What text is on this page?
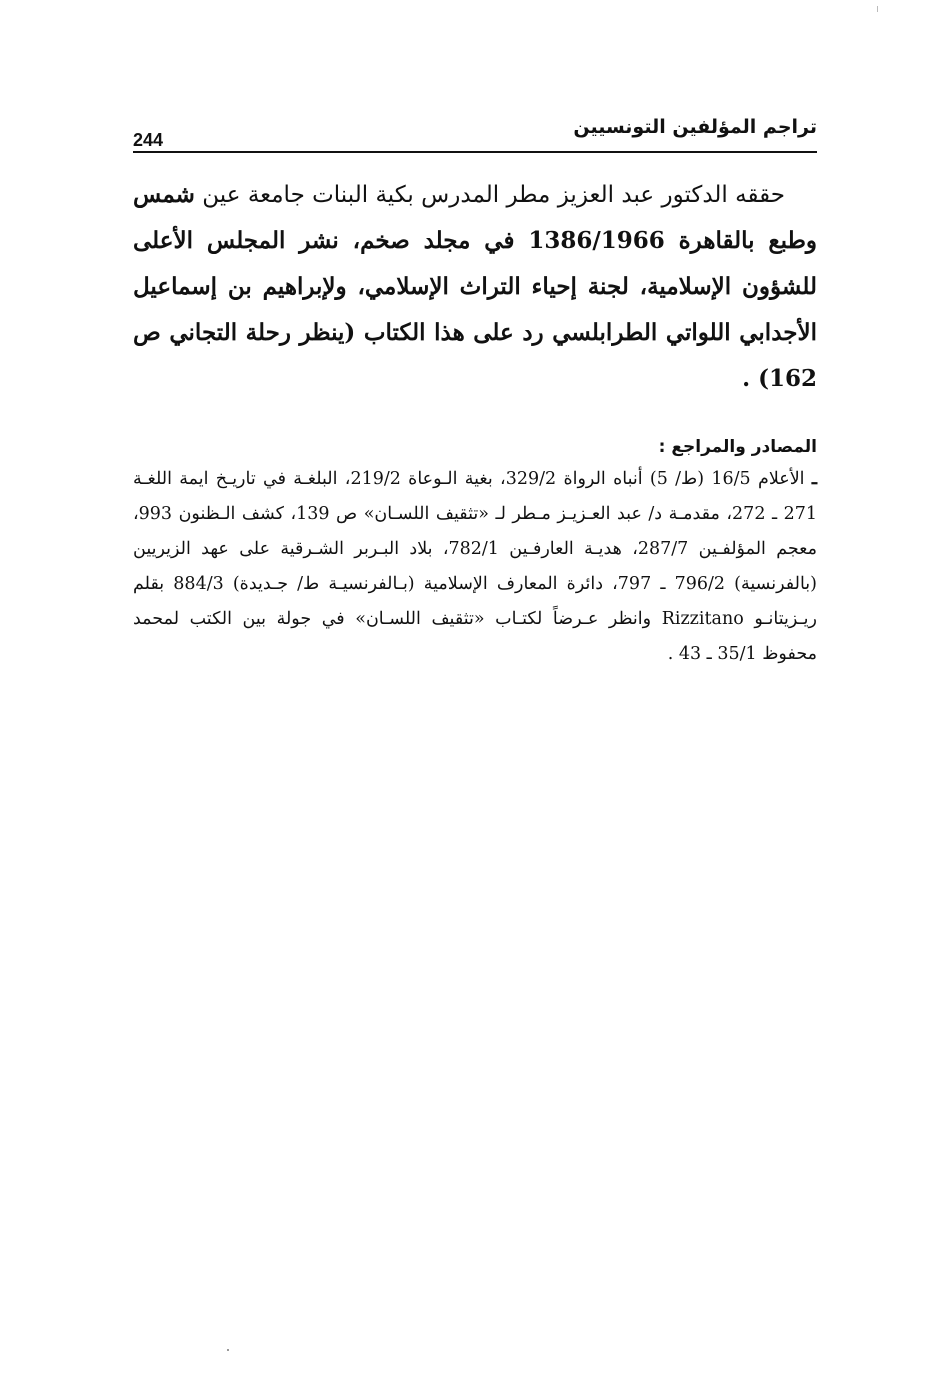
تراجم المؤلفين التونسيين
244
حققه الدكتور عبد العزيز مطر المدرس بكية البنات جامعة عين شمس وطبع بالقاهرة 1386/1966 في مجلد صخم، نشر المجلس الأعلى للشؤون الإسلامية، لجنة إحياء التراث الإسلامي، ولإبراهيم بن إسماعيل الأجدابي اللواتي الطرابلسي رد على هذا الكتاب (ينظر رحلة التجاني ص 162) .

المصادر والمراجع :

ـ الأعلام 16/5 (ط/ 5) أنباه الرواة 329/2، بغية الـوعاة 219/2، البلغـة في تاريـخ ايمة اللغـة 271 ـ 272، مقدمـة د/ عبد العـزيـز مـطر لـ «تثقيف اللسـان» ص 139، كشف الـظنون 993، معجم المؤلفـين 287/7، هديـة العارفـين 782/1، بلاد البـربر الشـرقية على عهد الزيريين (بالفرنسية) 796/2 ـ 797، دائرة المعارف الإسلامية (بـالفرنسيـة ط/ جـديدة) 884/3 بقلم ريـزيتانـو Rizzitano وانظر عـرضاً لكتـاب «تثقيف اللسـان» في جولة بين الكتب لمحمد محفوظ 35/1 ـ 43 .
